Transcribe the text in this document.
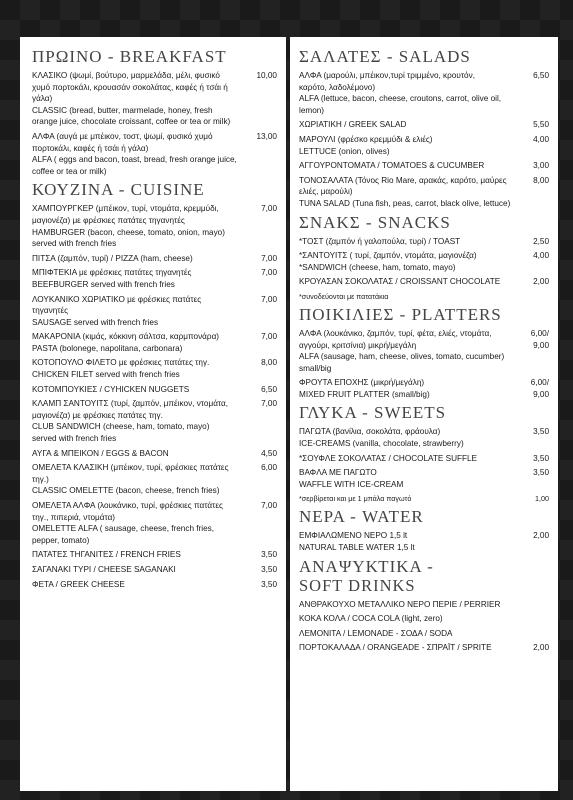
ΠΡΩΙΝΟ - BREAKFAST
ΚΛΑΣΙΚΟ (ψωμί, βούτυρο, μαρμελάδα, μέλι, φυσικό
χυμό πορτοκάλι, κρουασάν σοκολάτας, καφές ή τσάι ή
γάλα)
CLASSIC (bread, butter, marmelade, honey, fresh
orange juice, chocolate croissant, coffee or tea or milk)
10,00
ΑΛΦΑ (αυγά με μπέικον, τοστ, ψωμί, φυσικό χυμό
πορτοκάλι, καφές ή τσάι ή γάλα)
ALFA ( eggs and bacon, toast, bread, fresh orange juice,
coffee or tea or milk)
13,00
ΚΟΥΖΙΝΑ - CUISINE
ΧΑΜΠΟΥΡΓΚΕΡ (μπέικον, τυρί, ντομάτα, κρεμμύδι,
μαγιονέζα) με φρέσκιες πατάτες τηγανητές
HAMBURGER (bacon, cheese, tomato, onion, mayo)
served with french fries
7,00
ΠΙΤΣΑ (ζαμπόν, τυρί) / PIZZA (ham, cheese)	7,00
ΜΠΙΦΤΕΚΙΑ με φρέσκιες πατάτες τηγανητές
BEEFBURGER served with french fries
7,00
ΛΟΥΚΑΝΙΚΟ ΧΩΡΙΑΤΙΚΟ με φρέσκιες πατάτες
τηγανητές
SAUSAGE served with french fries
7,00
ΜΑΚΑΡΟΝΙΑ (κιμάς, κόκκινη σάλτσα, καρμπονάρα)
PASTA (bolonege, napolitana, carbonara)
7,00
ΚΟΤΟΠΟΥΛΟ ΦΙΛΕΤΟ με φρέσκιες πατάτες τηγ.
CHICKEN FILET served with french fries
8,00
ΚΟΤΟΜΠΟΥΚΙΕΣ / CYHICKEN NUGGETS	6,50
ΚΛΑΜΠ ΣΑΝΤΟΥΙΤΣ (τυρί, ζαμπόν, μπέικον, ντομάτα,
μαγιονέζα) με φρέσκιες πατάτες τηγ.
CLUB SANDWICH (cheese, ham, tomato, mayo)
served with french fries
7,00
ΑΥΓΑ & ΜΠΕΙΚΟΝ / EGGS & BACON	4,50
ΟΜΕΛΕΤΑ ΚΛΑΣΙΚΗ (μπέικον, τυρί, φρέσκιες πατάτες
τηγ.)
CLASSIC OMELETTE (bacon, cheese, french fries)
6,00
ΟΜΕΛΕΤΑ ΑΛΦΑ (λουκάνικο, τυρί, φρέσκιες πατάτες
τηγ., πιπεριά, ντομάτα)
OMELETTE ALFA ( sausage, cheese, french fries,
pepper, tomato)
7,00
ΠΑΤΑΤΕΣ ΤΗΓΑΝΙΤΕΣ / FRENCH FRIES	3,50
ΣΑΓΑΝΑΚΙ ΤΥΡΙ / CHEESE SAGANAKI	3,50
ΦΕΤΑ / GREEK CHEESE	3,50
ΣΑΛΑΤΕΣ - SALADS
ΑΛΦΑ (μαρούλι, μπέικον,τυρί τριμμένο, κρουτόν,
καρότο, λαδολέμονο)
ALFA (lettuce, bacon, cheese, croutons, carrot, olive oil, lemon)
6,50
ΧΩΡΙΑΤΙΚΗ / GREEK SALAD	5,50
ΜΑΡΟΥΛΙ (φρέσκο κρεμμύδι & ελιές)
LETTUCE (onion, olives)
4,00
ΑΓΓΟΥΡΟΝΤΟΜΑΤΑ / TOMATOES & CUCUMBER	3,00
ΤΟΝΟΣΑΛΑΤΑ (Τόνος Rio Mare, αρακάς, καρότο, μαύρες ελιές, μαρούλι)
TUNA SALAD (Tuna fish, peas, carrot, black olive, lettuce)
8,00
ΣΝΑΚΣ - SNACKS
*ΤΟΣΤ (ζαμπόν ή γαλοπούλα, τυρί) / TOAST	2,50
*ΣΑΝΤΟΥΙΤΣ ( τυρί, ζαμπόν, ντομάτα, μαγιονέζα)
*SANDWICH (cheese, ham, tomato, mayo)
4,00
ΚΡΟΥΑΣΑΝ ΣΟΚΟΛΑΤΑΣ / CROISSANT CHOCOLATE	2,00
*συνοδεύονται με πατατάκια
ΠΟΙΚΙΛΙΕΣ - PLATTERS
ΑΛΦΑ (λουκάνικο, ζαμπόν, τυρί, φέτα, ελιές, ντομάτα,
αγγούρι, κριτσίνια) μικρή/μεγάλη
ALFA (sausage, ham, cheese, olives, tomato, cucumber)
small/big
6,00/
9,00
ΦΡΟΥΤΑ ΕΠΟΧΗΣ (μικρή/μεγάλη)
MIXED FRUIT PLATTER (small/big)
6,00/
9,00
ΓΛΥΚΑ - SWEETS
ΠΑΓΩΤΑ (βανίλια, σοκολάτα, φράουλα)
ICE-CREAMS (vanilla, chocolate, strawberry)
3,50
*ΣΟΥΦΛΕ ΣΟΚΟΛΑΤΑΣ / CHOCOLATE SUFFLE	3,50
ΒΑΦΛΑ ΜΕ ΠΑΓΩΤΟ
WAFFLE WITH ICE-CREAM
3,50
*σερβίρεται και με 1 μπάλα παγωτό	1,00
ΝΕΡΑ - WATER
ΕΜΦΙΑΛΩΜΕΝΟ ΝΕΡΟ 1,5 lt
NATURAL TABLE WATER 1,5 lt
2,00
ΑΝΑΨΥΚΤΙΚΑ -
SOFT DRINKS
ΑΝΘΡΑΚΟΥΧΟ ΜΕΤΑΛΛΙΚΟ ΝΕΡΟ ΠΕΡΙΕ / PERRIER
ΚΟΚΑ ΚΟΛΑ / COCA COLA (light, zero)
ΛΕΜΟΝΙΤΑ / LEMONADE - ΣΟΔΑ / SODA
ΠΟΡΤΟΚΑΛΑΔΑ / ORANGEADE - ΣΠΡΑΪΤ / SPRITE	2,00
